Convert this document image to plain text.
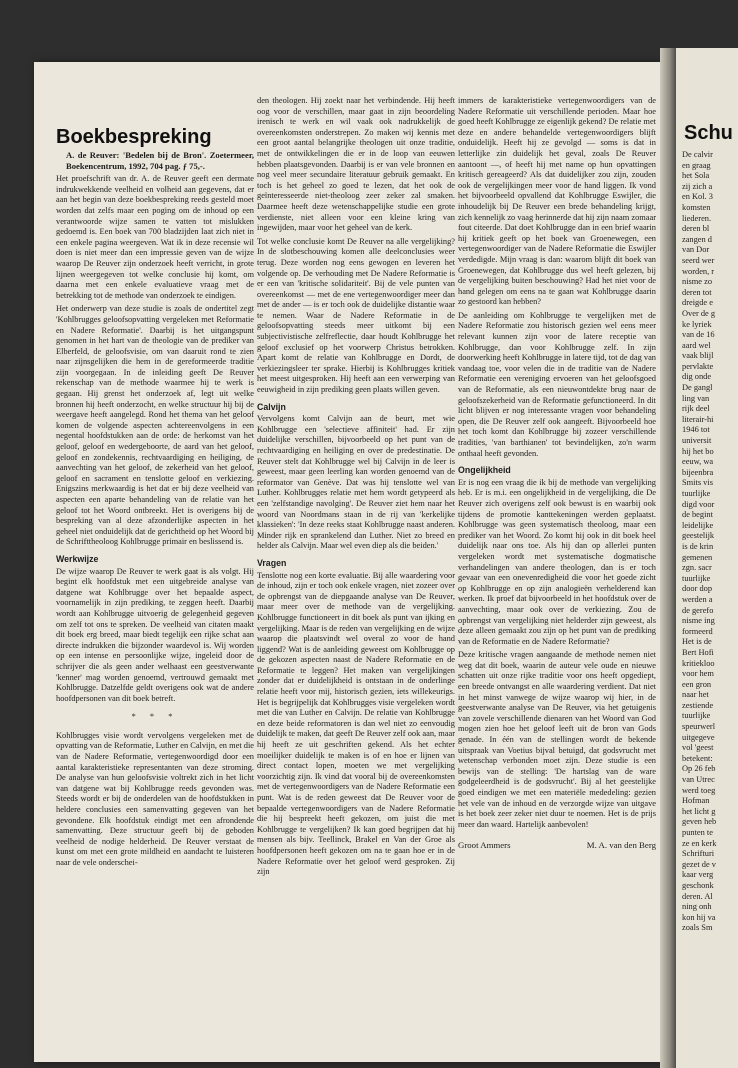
Boekbespreking

A. de Reuver: 'Bedelen bij de Bron'. Zoetermeer, Boekencentrum, 1992, 704 pag. ƒ 75,-.

Het proefschrift van dr. A. de Reuver geeft een dermate indrukwekkende veelheid en volheid aan gegevens, dat er aan het begin van deze boekbespreking reeds gesteld moet worden dat zelfs maar een poging om de inhoud op een verantwoorde wijze samen te vatten tot mislukken gedoemd is. Een boek van 700 bladzijden laat zich niet in een enkele pagina weergeven. Wat ik in deze recensie wil doen is niet meer dan een impressie geven van de wijze waarop De Reuver zijn onderzoek heeft verricht, in grote lijnen weergegeven tot welke conclusie hij komt, om daarna met een enkele evaluatieve vraag met de betrekking tot de methode van onderzoek te eindigen.

Het onderwerp van deze studie is zoals de ondertitel zegt 'Kohlbrugges geloofsopvatting vergeleken met Reformatie en Nadere Reformatie'. Daarbij is het uitgangspunt genomen in het hart van de theologie van de prediker van Elberfeld, de geloofsvisie, om van daaruit rond te zien naar zijnsgelijken die hem in de gereformeerde traditie zijn voorgegaan. In de inleiding geeft De Reuver rekenschap van de methode waarmee hij te werk is gegaan. Hij grenst het onderzoek af, legt uit welke bronnen hij heeft onderzocht, en welke structuur hij bij de weergave heeft aangelegd. Rond het thema van het geloof komen de volgende aspecten achtereenvolgens in een negental hoofdstukken aan de orde: de herkomst van het geloof, geloof en wedergeboorte, de aard van het geloof, geloof en zondekennis, rechtvaardiging en heiliging, de aanvechting van het geloof, de zekerheid van het geloof, geloof en sacrament en tenslotte geloof en verkiezing. Enigszins merkwaardig is het dat er bij deze veelheid van aspecten een aparte behandeling van de relatie van het geloof tot het Woord ontbreekt. Het is overigens bij de bespreking van al deze afzonderlijke aspecten in het geheel niet onduidelijk dat de gerichtheid op het Woord bij de Schrifttheoloog Kohlbrugge primair en beslissend is.

Werkwijze

De wijze waarop De Reuver te werk gaat is als volgt. Hij begint elk hoofdstuk met een uitgebreide analyse van datgene wat Kohlbrugge over het bepaalde aspect, voornamelijk in zijn prediking, te zeggen heeft. Daarbij wordt aan Kohlbrugge uitvoerig de gelegenheid gegeven om zelf tot ons te spreken. De veelheid van citaten maakt dit boek erg breed, maar biedt tegelijk een rijke schat aan directe indrukken die bijzonder waardevol is. Wij worden op een intense en persoonlijke wijze, ingeleid door de schrijver die als geen ander welhaast een geestverwante 'kenner' mag worden genoemd, vertrouwd gemaakt met Kohlbrugge. Datzelfde geldt overigens ook wat de andere hoofdpersonen van dit boek betreft.

* * *

Kohlbrugges visie wordt vervolgens vergeleken met de opvatting van de Reformatie, Luther en Calvijn, en met die van de Nadere Reformatie, vertegenwoordigd door een aantal karakteristieke representanten van deze stroming. De analyse van hun geloofsvisie voltrekt zich in het licht van datgene wat bij Kohlbrugge reeds gevonden was. Steeds wordt er bij de onderdelen van de hoofdstukken in heldere conclusies een samenvatting gegeven van het gevondene. Elk hoofdstuk eindigt met een afrondende samenvatting. Deze structuur geeft bij de geboden veelheid de nodige helderheid. De Reuver verstaat de kunst om met een grote mildheid en aandacht te luisteren naar de vele onderschei-

den theologen. Hij zoekt naar het verbindende. Hij heeft oog voor de verschillen, maar gaat in zijn beoordeling irenisch te werk en wil vaak ook nadrukkelijk de overeenkomsten onderstrepen. Zo maken wij kennis met een groot aantal belangrijke theologen uit onze traditie, met de ontwikkelingen die er in de loop van eeuwen hebben plaatsgevonden. Daarbij is er van vele bronnen en nog veel meer secundaire literatuur gebruik gemaakt. En toch is het geheel zo goed te lezen, dat het ook de geïnteresseerde niet-theoloog zeer zeker zal smaken. Daarmee heeft deze wetenschappelijke studie een grote verdienste, niet alleen voor een kleine kring van ingewijden, maar voor het geheel van de kerk.

Tot welke conclusie komt De Reuver na alle vergelijking? In de slotbeschouwing komen alle deelconclusies weer terug. Deze worden nog eens gewogen en leveren het volgende op. De verhouding met De Nadere Reformatie is er een van 'kritische solidariteit'. Bij de vele punten van overeenkomst — met de ene vertegenwoordiger meer dan met de ander — is er toch ook de duidelijke distantie waar te nemen. Waar de Nadere Reformatie in de geloofsopvatting steeds meer uitkomt bij een subjectivistische zelfreflectie, daar houdt Kohlbrugge het geloof exclusief op het voorwerp Christus betrokken. Apart komt de relatie van Kohlbrugge en Dordt, de verkiezingsleer ter sprake. Hierbij is Kohlbrugges kritiek het meest uitgesproken. Hij heeft aan een verwerping van eeuwigheid in zijn prediking geen plaats willen geven.

Calvijn

Vervolgens komt Calvijn aan de beurt, met wie Kohlbrugge een 'selectieve affiniteit' had. Er zijn duidelijke verschillen, bijvoorbeeld op het punt van de rechtvaardiging en heiliging en over de predestinatie. De Reuver stelt dat Kohlbrugge wel bij Calvijn in de leer is geweest, maar geen leerling kan worden genoemd van de reformator van Genève. Dat was hij tenslotte wel van Luther. Kohlbrugges relatie met hem wordt getypeerd als een 'zelfstandige navolging'. De Reuver ziet hem naar het woord van Noordmans staan in de rij van 'kerkelijke klassieken': 'In deze reeks staat Kohlbrugge naast anderen. Minder rijk en sprankelend dan Luther. Niet zo breed en helder als Calvijn. Maar wel even diep als die beiden.'

Vragen

Tenslotte nog een korte evaluatie. Bij alle waardering voor de inhoud, zijn er toch ook enkele vragen, niet zozeer over de opbrengst van de diepgaande analyse van De Reuver, maar meer over de methode van de vergelijking. Kohlbrugge functioneert in dit boek als punt van ijking en vergelijking. Maar is de reden van vergelijking en de wijze waarop die plaatsvindt wel overal zo voor de hand liggend? Wat is de aanleiding geweest om Kohlbrugge op de gekozen aspecten naast de Nadere Reformatie en de Reformatie te leggen? Het maken van vergelijkingen zonder dat er duidelijkheid is ontstaan in de onderlinge relatie heeft voor mij, historisch gezien, iets willekeurigs. Het is begrijpelijk dat Kohlbrugges visie vergeleken wordt met die van Luther en Calvijn. De relatie van Kohlbrugge en deze beide reformatoren is dan wel niet zo eenvoudig duidelijk te maken, dat geeft De Reuver zelf ook aan, maar hij heeft ze uit geschriften gekend. Als het echter moeilijker duidelijk te maken is of en hoe er lijnen van direct contact lopen, moeten we met vergelijking voorzichtig zijn. Ik vind dat vooral bij de overeenkomsten met de vertegenwoordigers van de Nadere Reformatie een punt. Wat is de reden geweest dat De Reuver voor de bepaalde vertegenwoordigers van de Nadere Reformatie die hij bespreekt heeft gekozen, om juist die met Kohlbrugge te vergelijken? Ik kan goed begrijpen dat hij mensen als bijv. Teellinck, Brakel en Van der Groe als hoofdpersonen heeft gekozen om na te gaan hoe er in de Nadere Reformatie over het geloof werd gesproken. Zij zijn

immers de karakteristieke vertegenwoordigers van de Nadere Reformatie uit verschillende perioden. Maar hoe goed heeft Kohlbrugge ze eigenlijk gekend? De relatie met deze en andere behandelde vertegenwoordigers blijft onduidelijk. Heeft hij ze gevolgd — soms is dat in letterlijke zin duidelijk het geval, zoals De Reuver aantoont —, of heeft hij met name op hun opvattingen kritisch gereageerd? Als dat duidelijker zou zijn, zouden ook de vergelijkingen meer voor de hand liggen. Ik vond het bijvoorbeeld opvallend dat Kohlbrugge Eswijler, die inhoudelijk bij De Reuver een brede behandeling krijgt, zich kennelijk zo vaag herinnerde dat hij zijn naam zomaar fout citeerde. Dat doet Kohlbrugge dan in een brief waarin hij kritiek geeft op het boek van Groenewegen, een vertegenwoordiger van de Nadere Reformatie die Eswijler verdedigde. Mijn vraag is dan: waarom blijft dit boek van Groenewegen, dat Kohlbrugge dus wel heeft gelezen, bij de vergelijking buiten beschouwing? Had het niet voor de hand gelegen om eens na te gaan wat Kohlbrugge daarin zo gestoord kan hebben?

De aanleiding om Kohlbrugge te vergelijken met de Nadere Reformatie zou historisch gezien wel eens meer relevant kunnen zijn voor de latere receptie van Kohlbrugge, dan voor Kohlbrugge zelf. In zijn doorwerking heeft Kohlbrugge in latere tijd, tot de dag van vandaag toe, voor velen die in de traditie van de Nadere Reformatie een vereniging ervoeren van het geloofsgoed van de Reformatie, als een nieuwontdekte brug naar de geloofszekerheid van de Reformatie gefunctioneerd. In dit licht blijven er nog interessante vragen voor behandeling open, die De Reuver zelf ook aangeeft. Bijvoorbeeld hoe het toch komt dan Kohlbrugge bij zozeer verschillende tradities, 'van barthianen' tot bevindelijken, zo'n warm onthaal heeft gevonden.

Ongelijkheid

Er is nog een vraag die ik bij de methode van vergelijking heb. Er is m.i. een ongelijkheid in de vergelijking, die De Reuver zich overigens zelf ook bewust is en waarbij ook tijdens de promotie kanttekeningen werden geplaatst. Kohlbrugge was geen systematisch theoloog, maar een prediker van het Woord. Zo komt hij ook in dit boek heel duidelijk naar ons toe. Als hij dan op allerlei punten vergeleken wordt met systematische dogmatische verhandelingen van andere theologen, dan is er toch gevaar van een onevenredigheid die voor het goede zicht op Kohlbrugge en op zijn analogieën verhelderend kan werken. Ik proef dat bijvoorbeeld in het hoofdstuk over de aanvechting, maar ook over de verkiezing. Zou de opbrengst van vergelijking niet helderder zijn geweest, als deze alleen gemaakt zou zijn op het punt van de prediking van de Reformatie en de Nadere Reformatie?

Deze kritische vragen aangaande de methode nemen niet weg dat dit boek, waarin de auteur vele oude en nieuwe schatten uit onze rijke traditie voor ons heeft opgediept, een breede ontvangst en alle waardering verdient. Dat niet in het minst vanwege de wijze waarop wij hier, in de geestverwante analyse van De Reuver, via het getuigenis van zovele verschillende dienaren van het Woord van God mogen zien hoe het geloof leeft uit de bron van Gods genade. In één van de stellingen wordt de bekende uitspraak van Voetius bijval betuigd, dat godsvrucht met wetenschap verbonden moet zijn. Deze studie is een bewijs van de stelling: 'De hartslag van de ware godgeleerdheid is de godsvrucht'. Bij al het geestelijke goed eindigen we met een materiële mededeling: gezien het vele van de inhoud en de verzorgde wijze van uitgave is het boek zeer zeker niet duur te noemen. Het is de prijs meer dan waard. Hartelijk aanbevolen!

Groot Ammers	M. A. van den Berg
Schu
De calvir
en graag
het Sola
zij zich a
en Kol. 3
komsten
liederen.
deren bl
zangen d
van Dor
seerd wer
worden, r
nisme zo
deren tot
dreigde e
Over de g
ke lyriek
van de 16
aard wel
vaak blijl
pervlakte
dig onde
De gangl
ling van
rijk deel
literair-hi
1946 tot
universit
hij het bo
eeuw, wa
bijeenbra
Smits vis
tuurlijke
digd voor
de begint
leidelijke
geestelijk
is de krin
gemenen
zgn. sacr
tuurlijke
door dop
werden a
de gerefo
nisme ing
formeerd
Het is de
Bert Hofi
kritiekloo
voor hem
een gron
naar het
zestiende
tuurlijke
speurwerl
uitgegeve
vol 'geest
betekent:
Op 26 feb
van Utrec
werd toeg
Hofman
het licht g
geven heb
punten te
ze en kerk
Schrifturi
gezet de v
kaar verg
geschonk
deren. Al
ning onh
kon hij va
zoals Sm
